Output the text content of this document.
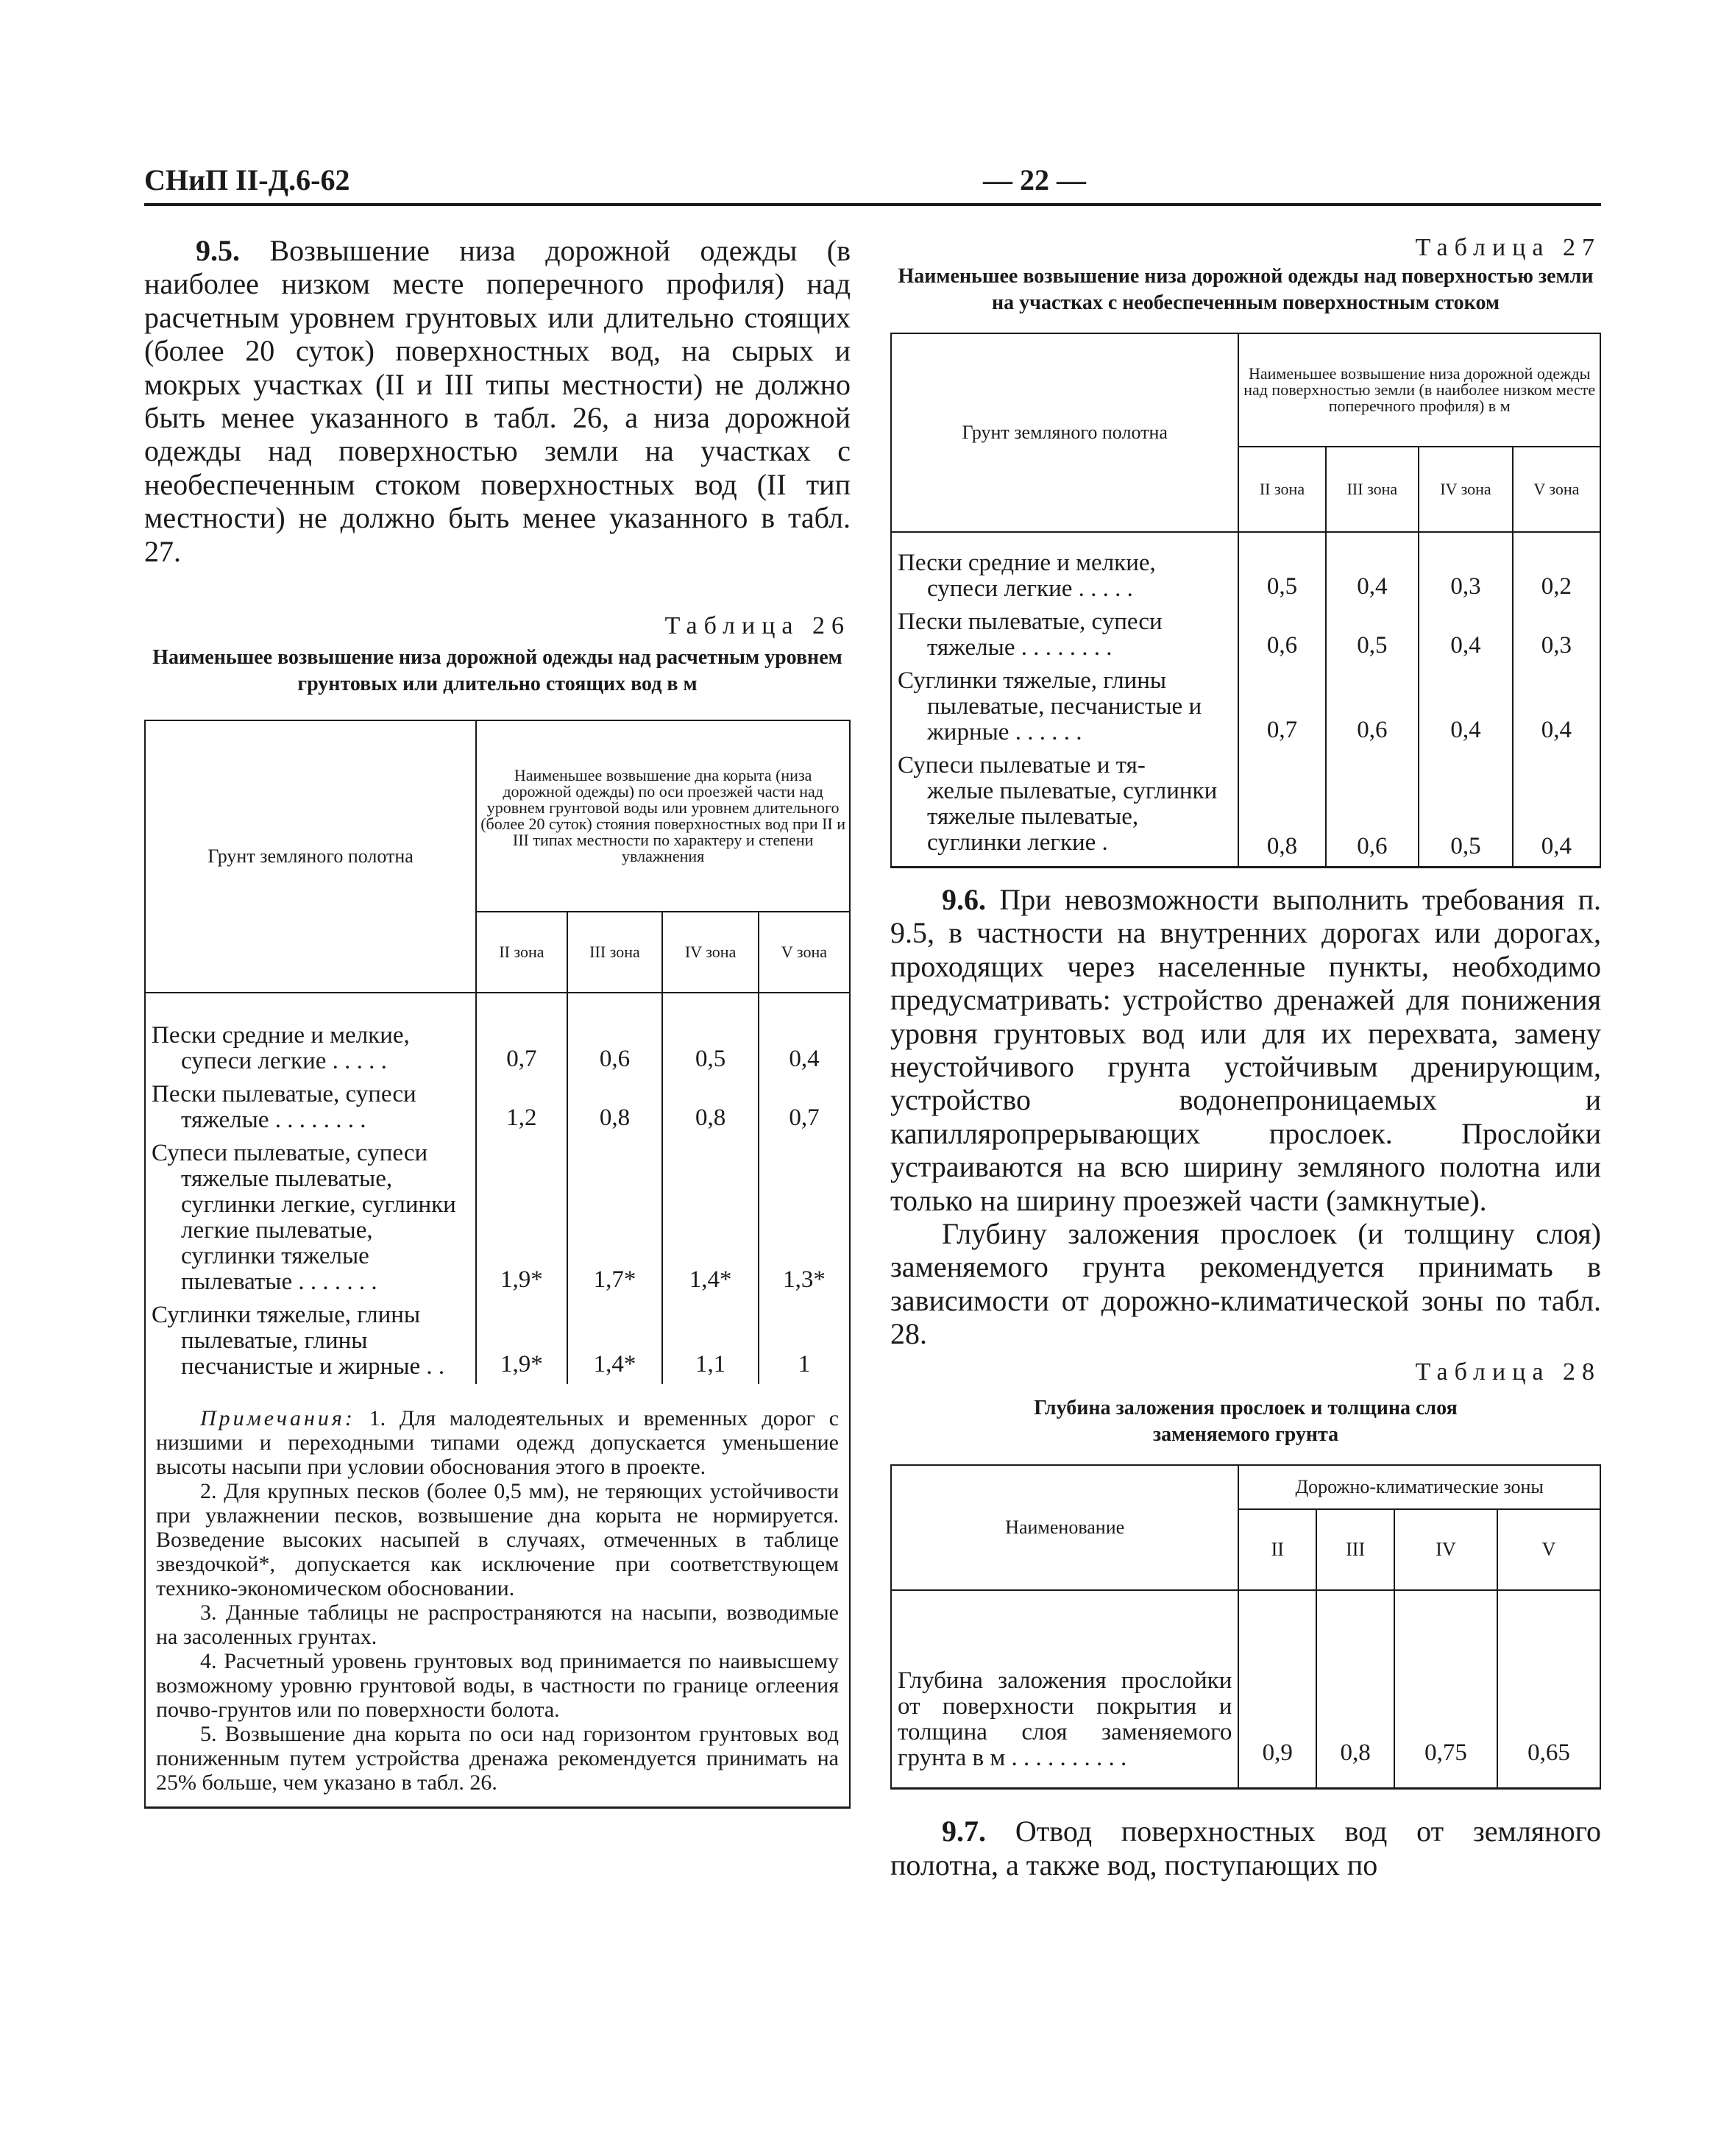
СНиП II-Д.6-62	— 22 —

9.5. Возвышение низа дорожной одежды (в наиболее низком месте поперечного профиля) над расчетным уровнем грунтовых или длительно стоящих (более 20 суток) поверхностных вод, на сырых и мокрых участках (II и III типы местности) не должно быть менее указанного в табл. 26, а низа дорожной одежды над поверхностью земли на участках с необеспеченным стоком поверхностных вод (II тип местности) не должно быть менее указанного в табл. 27.

Таблица 26

Наименьшее возвышение низа дорожной одежды над расчетным уровнем грунтовых или длительно стоящих вод в м

Грунт земляного полотна	Наименьшее возвышение дна корыта (низа дорожной одежды) по оси проезжей части над уровнем грунтовой воды или уровнем длительного (более 20 суток) стояния поверхностных вод при II и III типах местности по характеру и степени увлажнения			
	II зона	III зона	IV зона	V зона

Пески средние и мелкие,
супеси легкие . . . . .	0,7	0,6	0,5	0,4

Пески пылеватые, супеси
тяжелые . . . . . . . .	1,2	0,8	0,8	0,7

Супеси пылеватые, супеси
тяжелые пылеватые, суглинки легкие, суглинки легкие пылеватые, суглинки тяжелые пылеватые . . . . . . .	1,9*	1,7*	1,4*	1,3*

Суглинки тяжелые, глины
пылеватые, глины песчанистые и жирные . .	1,9*	1,4*	1,1	1

Примечания: 1. Для малодеятельных и временных дорог с низшими и переходными типами одежд допускается уменьшение высоты насыпи при условии обоснования этого в проекте.

2. Для крупных песков (более 0,5 мм), не теряющих устойчивости при увлажнении песков, возвышение дна корыта не нормируется. Возведение высоких насыпей в случаях, отмеченных в таблице звездочкой*, допускается как исключение при соответствующем технико-экономическом обосновании.

3. Данные таблицы не распространяются на насыпи, возводимые на засоленных грунтах.

4. Расчетный уровень грунтовых вод принимается по наивысшему возможному уровню грунтовой воды, в частности по границе оглеения почво-грунтов или по поверхности болота.

5. Возвышение дна корыта по оси над горизонтом грунтовых вод пониженным путем устройства дренажа рекомендуется принимать на 25% больше, чем указано в табл. 26.				

Таблица 27

Наименьшее возвышение низа дорожной одежды над поверхностью земли на участках с необеспеченным поверхностным стоком

Грунт земляного полотна	Наименьшее возвышение низа дорожной одежды над поверхностью земли (в наиболее низком месте поперечного профиля) в м			
	II зона	III зона	IV зона	V зона

Пески средние и мелкие,
супеси легкие . . . . .	0,5	0,4	0,3	0,2

Пески пылеватые, супеси
тяжелые . . . . . . . .	0,6	0,5	0,4	0,3

Суглинки тяжелые, глины
пылеватые, песчанистые и жирные . . . . . .	0,7	0,6	0,4	0,4

Супеси пылеватые и тя-
желые пылеватые, суглинки тяжелые пылеватые, суглинки легкие .	0,8	0,6	0,5	0,4

9.6. При невозможности выполнить требования п. 9.5, в частности на внутренних дорогах или дорогах, проходящих через населенные пункты, необходимо предусматривать: устройство дренажей для понижения уровня грунтовых вод или для их перехвата, замену неустойчивого грунта устойчивым дренирующим, устройство водонепроницаемых и капилляропрерывающих прослоек. Прослойки устраиваются на всю ширину земляного полотна или только на ширину проезжей части (замкнутые).

Глубину заложения прослоек (и толщину слоя) заменяемого грунта рекомендуется принимать в зависимости от дорожно-климатической зоны по табл. 28.

Таблица 28

Глубина заложения прослоек и толщина слоя заменяемого грунта

Наименование	Дорожно-климатические зоны			
	II	III	IV	V
Глубина заложения прослойки от поверхности покрытия и толщина слоя заменяемого грунта в м . . . . . . . . . .	0,9	0,8	0,75	0,65

9.7. Отвод поверхностных вод от земляного полотна, а также вод, поступающих по
